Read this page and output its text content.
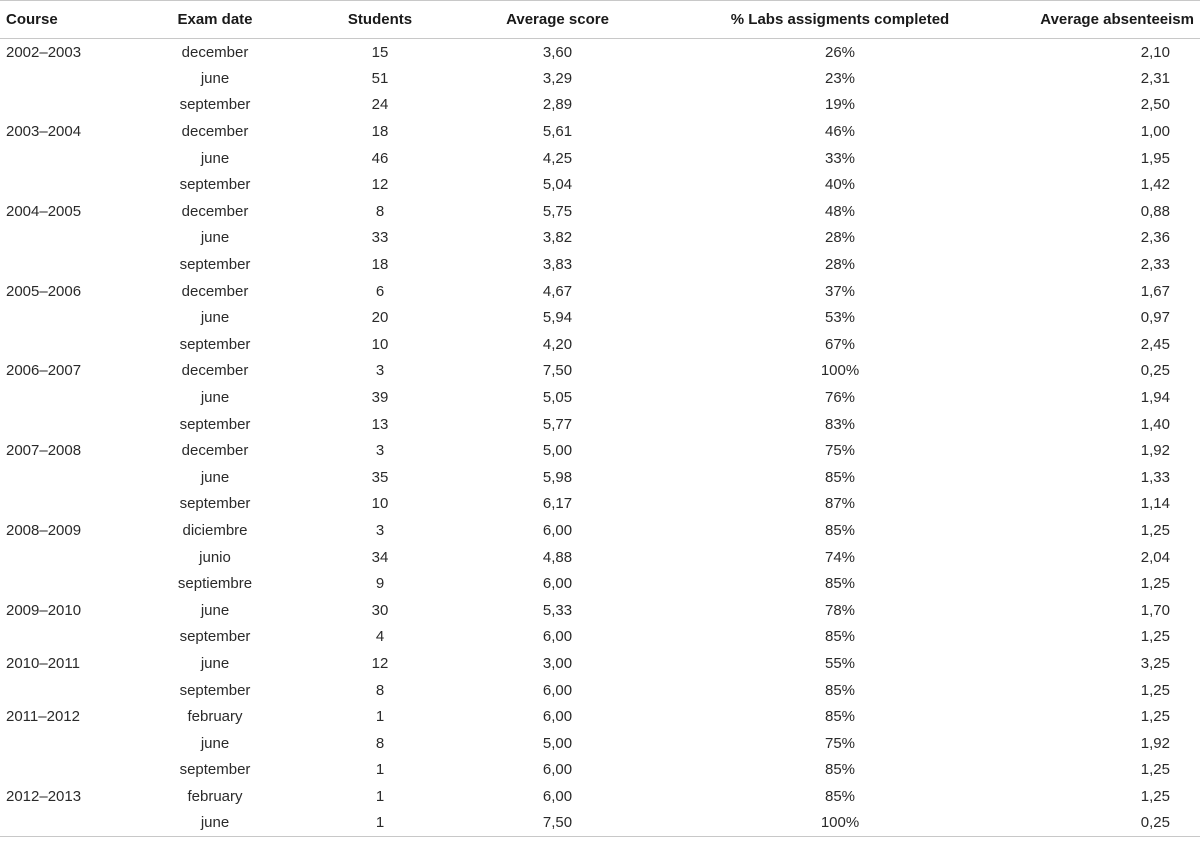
Course	Exam date	Students	Average score	% Labs assigments completed	Average absenteeism
2002–2003	december	15	3,60	26%	2,10
	june	51	3,29	23%	2,31
	september	24	2,89	19%	2,50
2003–2004	december	18	5,61	46%	1,00
	june	46	4,25	33%	1,95
	september	12	5,04	40%	1,42
2004–2005	december	8	5,75	48%	0,88
	june	33	3,82	28%	2,36
	september	18	3,83	28%	2,33
2005–2006	december	6	4,67	37%	1,67
	june	20	5,94	53%	0,97
	september	10	4,20	67%	2,45
2006–2007	december	3	7,50	100%	0,25
	june	39	5,05	76%	1,94
	september	13	5,77	83%	1,40
2007–2008	december	3	5,00	75%	1,92
	june	35	5,98	85%	1,33
	september	10	6,17	87%	1,14
2008–2009	diciembre	3	6,00	85%	1,25
	junio	34	4,88	74%	2,04
	septiembre	9	6,00	85%	1,25
2009–2010	june	30	5,33	78%	1,70
	september	4	6,00	85%	1,25
2010–2011	june	12	3,00	55%	3,25
	september	8	6,00	85%	1,25
2011–2012	february	1	6,00	85%	1,25
	june	8	5,00	75%	1,92
	september	1	6,00	85%	1,25
2012–2013	february	1	6,00	85%	1,25
	june	1	7,50	100%	0,25
